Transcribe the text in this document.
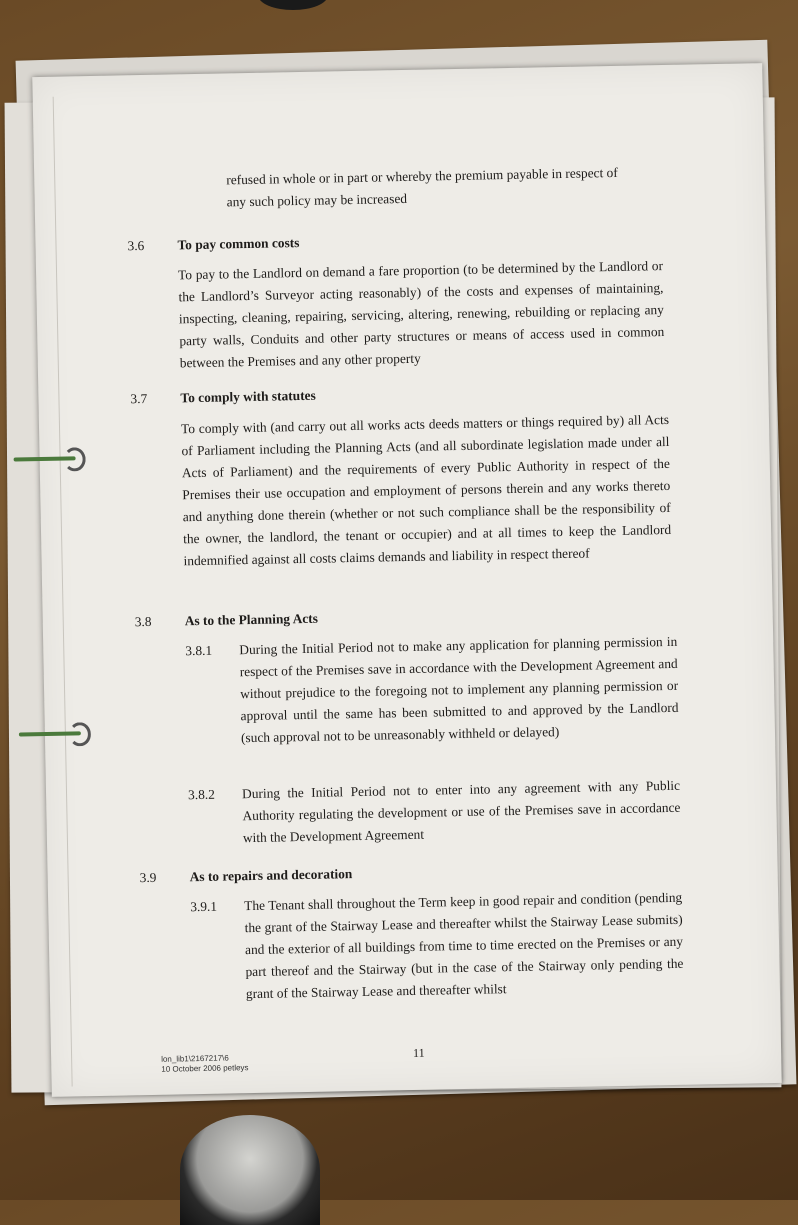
refused in whole or in part or whereby the premium payable in respect of
any such policy may be increased
3.6 To pay common costs
To pay to the Landlord on demand a fare proportion (to be determined by the Landlord or the Landlord’s Surveyor acting reasonably) of the costs and expenses of maintaining, inspecting, cleaning, repairing, servicing, altering, renewing, rebuilding or replacing any party walls, Conduits and other party structures or means of access used in common between the Premises and any other property
3.7 To comply with statutes
To comply with (and carry out all works acts deeds matters or things required by) all Acts of Parliament including the Planning Acts (and all subordinate legislation made under all Acts of Parliament) and the requirements of every Public Authority in respect of the Premises their use occupation and employment of persons therein and any works thereto and anything done therein (whether or not such compliance shall be the responsibility of the owner, the landlord, the tenant or occupier) and at all times to keep the Landlord indemnified against all costs claims demands and liability in respect thereof
3.8 As to the Planning Acts
3.8.1 During the Initial Period not to make any application for planning permission in respect of the Premises save in accordance with the Development Agreement and without prejudice to the foregoing not to implement any planning permission or approval until the same has been submitted to and approved by the Landlord (such approval not to be unreasonably withheld or delayed)
3.8.2 During the Initial Period not to enter into any agreement with any Public Authority regulating the development or use of the Premises save in accordance with the Development Agreement
3.9 As to repairs and decoration
3.9.1 The Tenant shall throughout the Term keep in good repair and condition (pending the grant of the Stairway Lease and thereafter whilst the Stairway Lease submits) and the exterior of all buildings from time to time erected on the Premises or any part thereof and the Stairway (but in the case of the Stairway only pending the grant of the Stairway Lease and thereafter whilst
11
lon_lib1\2167217\6
10 October 2006 petleys
